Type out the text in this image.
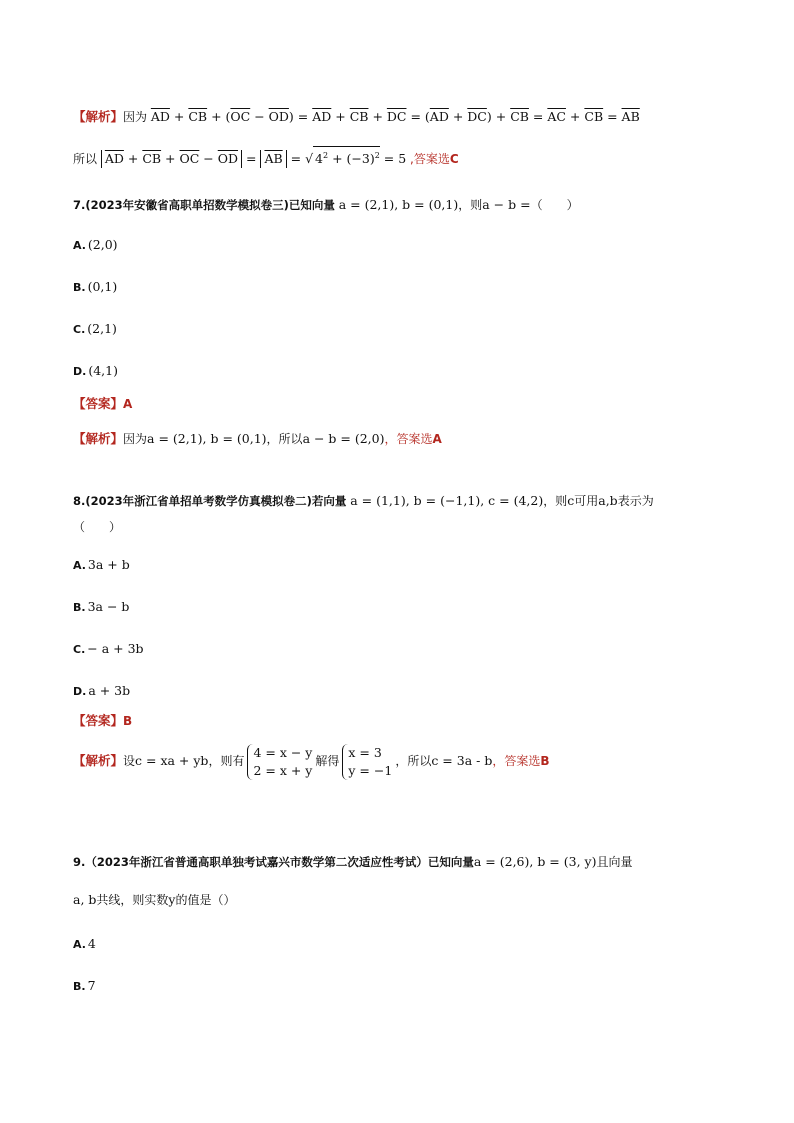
【解析】因为 $\overline{AD} + \overline{CB} + (\overline{OC} - \overline{OD}) = \overline{AD} + \overline{CB} + \overline{DC} = (\overline{AD} + \overline{DC}) + \overline{CB} = \overline{AC} + \overline{CB} = \overline{AB}$
所以 $\overline{AD} + \overline{CB} + \overline{OC} - \overline{OD} = \overline{AB}$ = √ $4^2 + (-3)^2 = 5$ ,答案选C
7.(2023年安徽省高职单招数学模拟卷三)已知向量 a = (2,1), b = (0,1)，则a − b =（　　）
A. (2,0)
B. (0,1)
C. (2,1)
D. (4,1)
【答案】A
【解析】因为a = (2,1), b = (0,1)，所以a − b = (2,0)，答案选A
8.(2023年浙江省单招单考数学仿真模拟卷二)若向量 a = (1,1), b = (−1,1), c = (4,2)，则c可用a,b表示为
（　　）
A. 3a + b
B. 3a − b
C. − a + 3b
D. a + 3b
【答案】B
【解析】设c = xa + yb，则有
4 = x − y
2 = x + y
解得
x = 3
y = −1
，所以c = 3a - b，答案选B
9.（2023年浙江省普通高职单独考试嘉兴市数学第二次适应性考试）已知向量a = (2,6), b = (3, y)且向量
a, b共线，则实数y的值是（）
A. 4
B. 7
